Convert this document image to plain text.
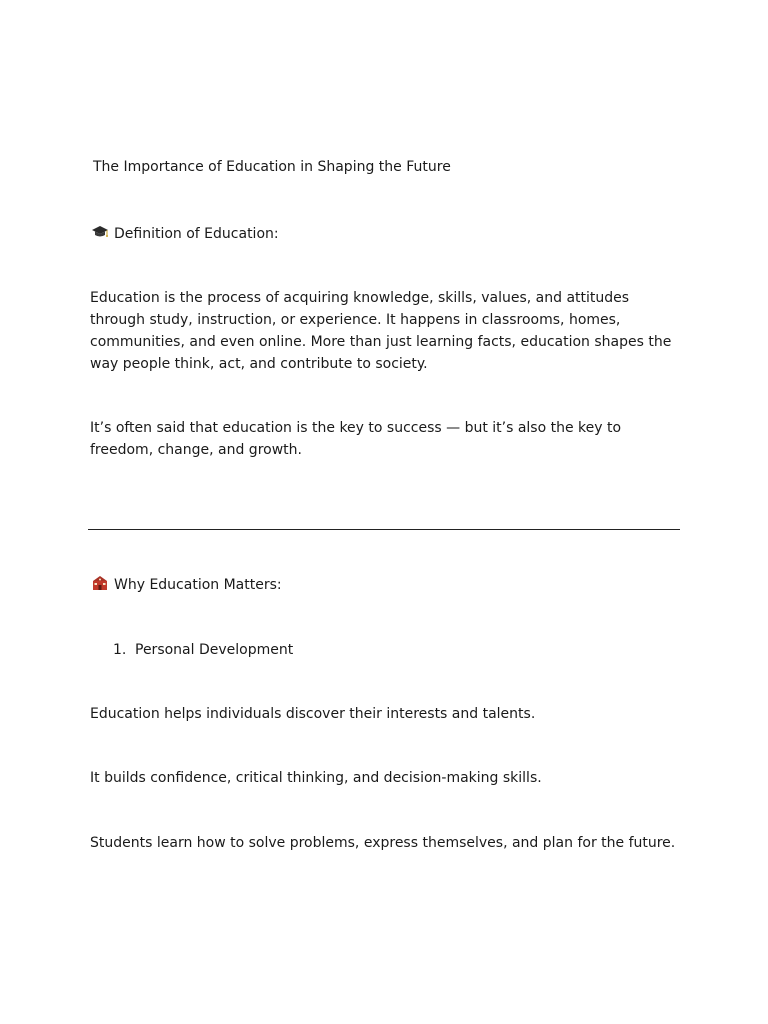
The Importance of Education in Shaping the Future

Definition of Education:

Education is the process of acquiring knowledge, skills, values, and attitudes through study, instruction, or experience. It happens in classrooms, homes, communities, and even online. More than just learning facts, education shapes the way people think, act, and contribute to society.

It’s often said that education is the key to success — but it’s also the key to freedom, change, and growth.

Why Education Matters:

1. Personal Development

Education helps individuals discover their interests and talents.

It builds confidence, critical thinking, and decision-making skills.

Students learn how to solve problems, express themselves, and plan for the future.
